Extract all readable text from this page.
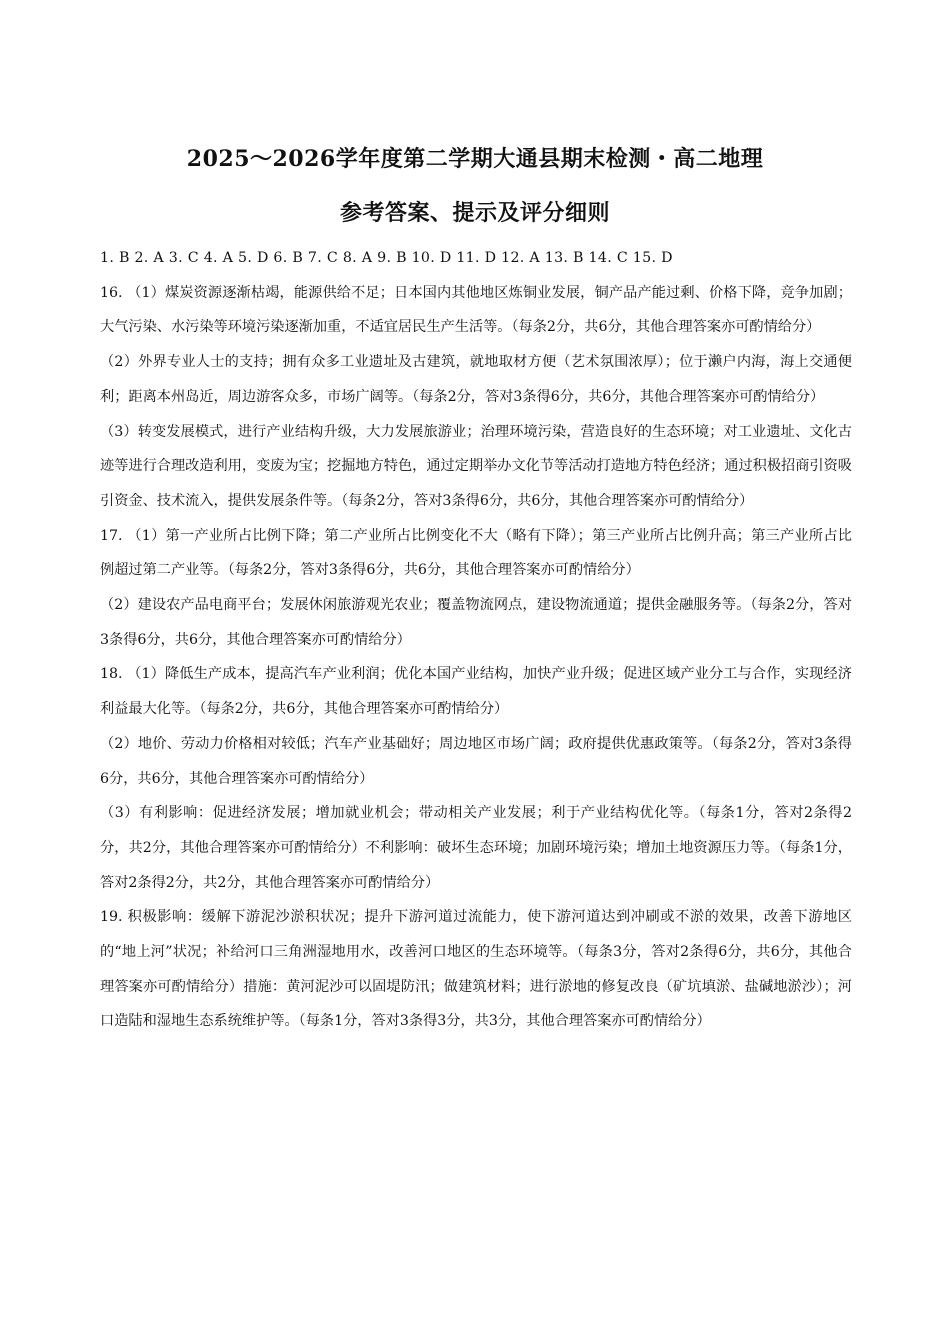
2025～2026学年度第二学期大通县期末检测・高二地理
参考答案、提示及评分细则

1. B 2. A 3. C 4. A 5. D 6. B 7. C 8. A 9. B 10. D 11. D 12. A 13. B 14. C 15. D

16. （1）煤炭资源逐渐枯竭，能源供给不足；日本国内其他地区炼铜业发展，铜产品产能过剩、价格下降，竞争加剧；大气污染、水污染等环境污染逐渐加重，不适宜居民生产生活等。（每条2分，共6分，其他合理答案亦可酌情给分）

（2）外界专业人士的支持；拥有众多工业遗址及古建筑，就地取材方便（艺术氛围浓厚）；位于濑户内海，海上交通便利；距离本州岛近，周边游客众多，市场广阔等。（每条2分，答对3条得6分，共6分，其他合理答案亦可酌情给分）

（3）转变发展模式，进行产业结构升级，大力发展旅游业；治理环境污染，营造良好的生态环境；对工业遗址、文化古迹等进行合理改造利用，变废为宝；挖掘地方特色，通过定期举办文化节等活动打造地方特色经济；通过积极招商引资吸引资金、技术流入，提供发展条件等。（每条2分，答对3条得6分，共6分，其他合理答案亦可酌情给分）

17. （1）第一产业所占比例下降；第二产业所占比例变化不大（略有下降）；第三产业所占比例升高；第三产业所占比例超过第二产业等。（每条2分，答对3条得6分，共6分，其他合理答案亦可酌情给分）

（2）建设农产品电商平台；发展休闲旅游观光农业；覆盖物流网点，建设物流通道；提供金融服务等。（每条2分，答对3条得6分，共6分，其他合理答案亦可酌情给分）

18. （1）降低生产成本，提高汽车产业利润；优化本国产业结构，加快产业升级；促进区域产业分工与合作，实现经济利益最大化等。（每条2分，共6分，其他合理答案亦可酌情给分）

（2）地价、劳动力价格相对较低；汽车产业基础好；周边地区市场广阔；政府提供优惠政策等。（每条2分，答对3条得6分，共6分，其他合理答案亦可酌情给分）

（3）有利影响：促进经济发展；增加就业机会；带动相关产业发展；利于产业结构优化等。（每条1分，答对2条得2分，共2分，其他合理答案亦可酌情给分）不利影响：破坏生态环境；加剧环境污染；增加土地资源压力等。（每条1分，答对2条得2分，共2分，其他合理答案亦可酌情给分）

19. 积极影响：缓解下游泥沙淤积状况；提升下游河道过流能力，使下游河道达到冲刷或不淤的效果，改善下游地区的“地上河”状况；补给河口三角洲湿地用水，改善河口地区的生态环境等。（每条3分，答对2条得6分，共6分，其他合理答案亦可酌情给分）措施：黄河泥沙可以固堤防汛；做建筑材料；进行淤地的修复改良（矿坑填淤、盐碱地淤沙）；河口造陆和湿地生态系统维护等。（每条1分，答对3条得3分，共3分，其他合理答案亦可酌情给分）
